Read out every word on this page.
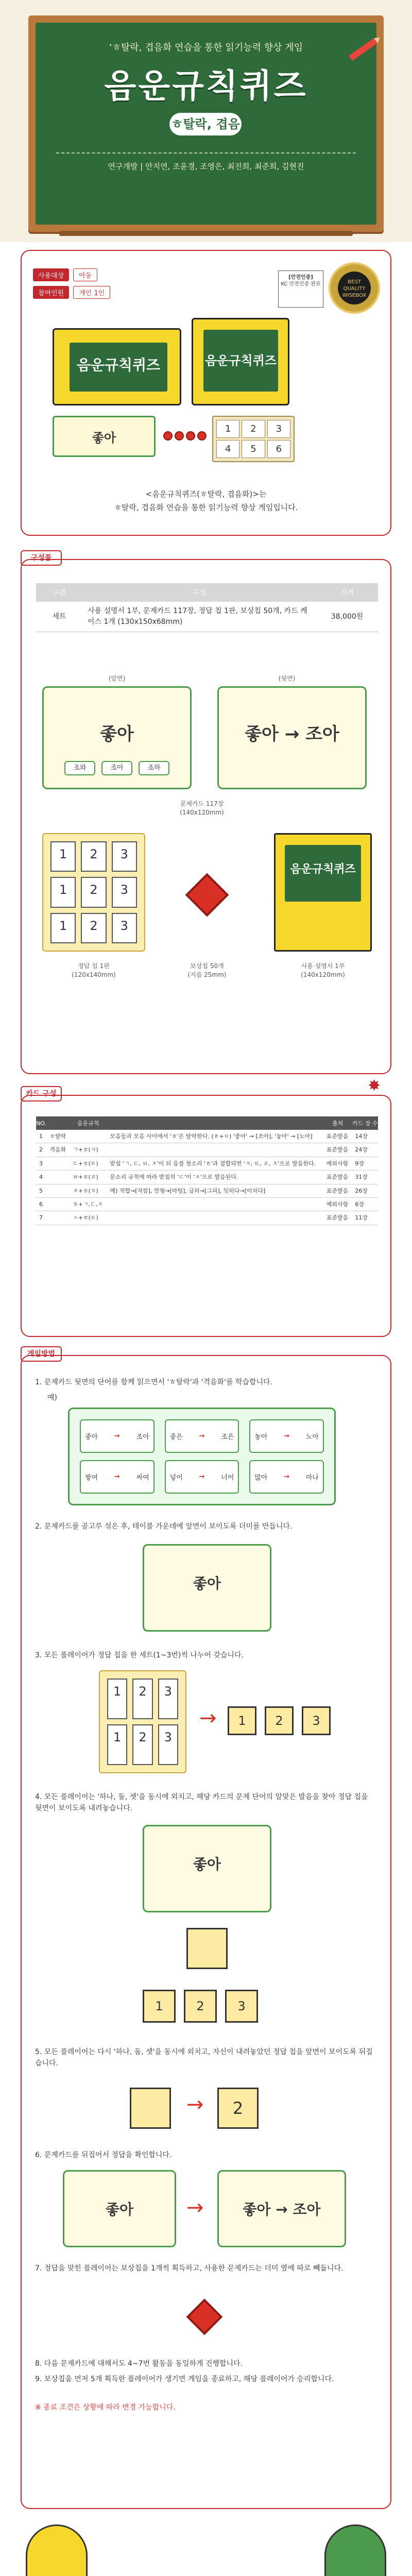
‘ㅎ탈락, 겹음화 연습을 통한 읽기능력 향상 게임
음운규칙퀴즈
ㅎ탈락, 겹음화
연구개발 | 안지연, 조윤경, 조영은, 최진희, 최준희, 김현진
사용대상	아동
참여인원	개인 1인
[안전인증]
KC 안전인증 완료	BEST QUALITY WISEBOX
음운규칙퀴즈	음운규칙퀴즈
좋아
1	2	3
4	5	6
<음운규칙퀴즈(ㅎ탈락, 겹음화)>는
ㅎ탈락, 겹음화 연습을 통한 읽기능력 향상 게임입니다.
구성품
구분	구성	가격
세트	사용 설명서 1부, 문제카드 117장, 정답 칩 1판, 보상칩 50개, 카드 케이스 1개 (130x150x68mm)	38,000원
(앞면)	(뒷면)
좋아
조와	조아	조하
좋아 → 조아
문제카드 117장
(140x120mm)
1	2	3
1	2	3
1	2	3
정답 칩 1판
(120x140mm)
보상칩 50개
(지름 25mm)
음운규칙퀴즈
사용 설명서 1부
(140x120mm)
카드 구성	✸
NO.		음운규칙		출처	카드 장 수
1	ㅎ탈락		모음들과 모음 사이에서 'ㅎ'은 탈락한다. (ㅎ+ㅇ) '좋아' → [조아], '놓아' → [노아]	표준발음	14장
2	격음화	ㄱ+ㅎ(ㅋ)		표준발음	24장
3		ㄷ+ㅎ(ㅌ)	받침 'ㄱ, ㄷ, ㅂ, ㅈ'이 뒤 음절 첫소리 'ㅎ'과 결합되면 'ㅋ, ㅌ, ㅍ, ㅊ'으로 발음한다.	예외사항	9장
4		ㅂ+ㅎ(ㅍ)	문소리 규칙에 따라 받침의 'ㄷ'이 'ㅈ'으로 발음된다.	표준발음	31장
5		ㅈ+ㅎ(ㅊ)	예) 적합→[저캅], 맏형→[마텽], 급히→[그피], 잊히다→[이치다]	표준발음	26장
6		ㅎ+ㄱ,ㄷ,ㅈ		예외사항	6장
7		ㅅ+ㅎ(ㅌ)		표준발음	11장
게임방법
1. 문제카드 뒷면의 단어를 함께 읽으면서 'ㅎ탈락'과 '격음화'를 학습합니다.
예)
좋아 → 조아	좋은 → 조은	놓아 → 노아
쌓여 → 싸여	넣어 → 너어	많아 → 마나
2. 문제카드를 골고루 섞은 후, 테이블 가운데에 앞면이 보이도록 더미를 만듭니다.
좋아
3. 모든 플레이어가 정답 칩을 한 세트(1~3번)씩 나누어 갖습니다.
1	2	3
1	2	3
→	1	2	3
4. 모든 플레이어는 '하나, 둘, 셋'을 동시에 외치고, 해당 카드의 문제 단어의 알맞은 발음을 찾아 정답 칩을 뒷면이 보이도록 내려놓습니다.
좋아
1	2	3
5. 모든 플레이어는 다시 '하나, 둘, 셋'을 동시에 외치고, 자신이 내려놓았던 정답 칩을 앞면이 보이도록 뒤집습니다.
→	2
6. 문제카드를 뒤집어서 정답을 확인합니다.
좋아	→	좋아 → 조아
7. 정답을 맞힌 플레이어는 보상칩을 1개씩 획득하고, 사용한 문제카드는 더미 옆에 따로 빼둡니다.
8. 다음 문제카드에 대해서도 4~7번 활동을 동일하게 진행합니다.
9. 보상칩을 먼저 5개 획득한 플레이어가 생기면 게임을 종료하고, 해당 플레이어가 승리합니다.
※ 종료 조건은 상황에 따라 변경 가능합니다.
